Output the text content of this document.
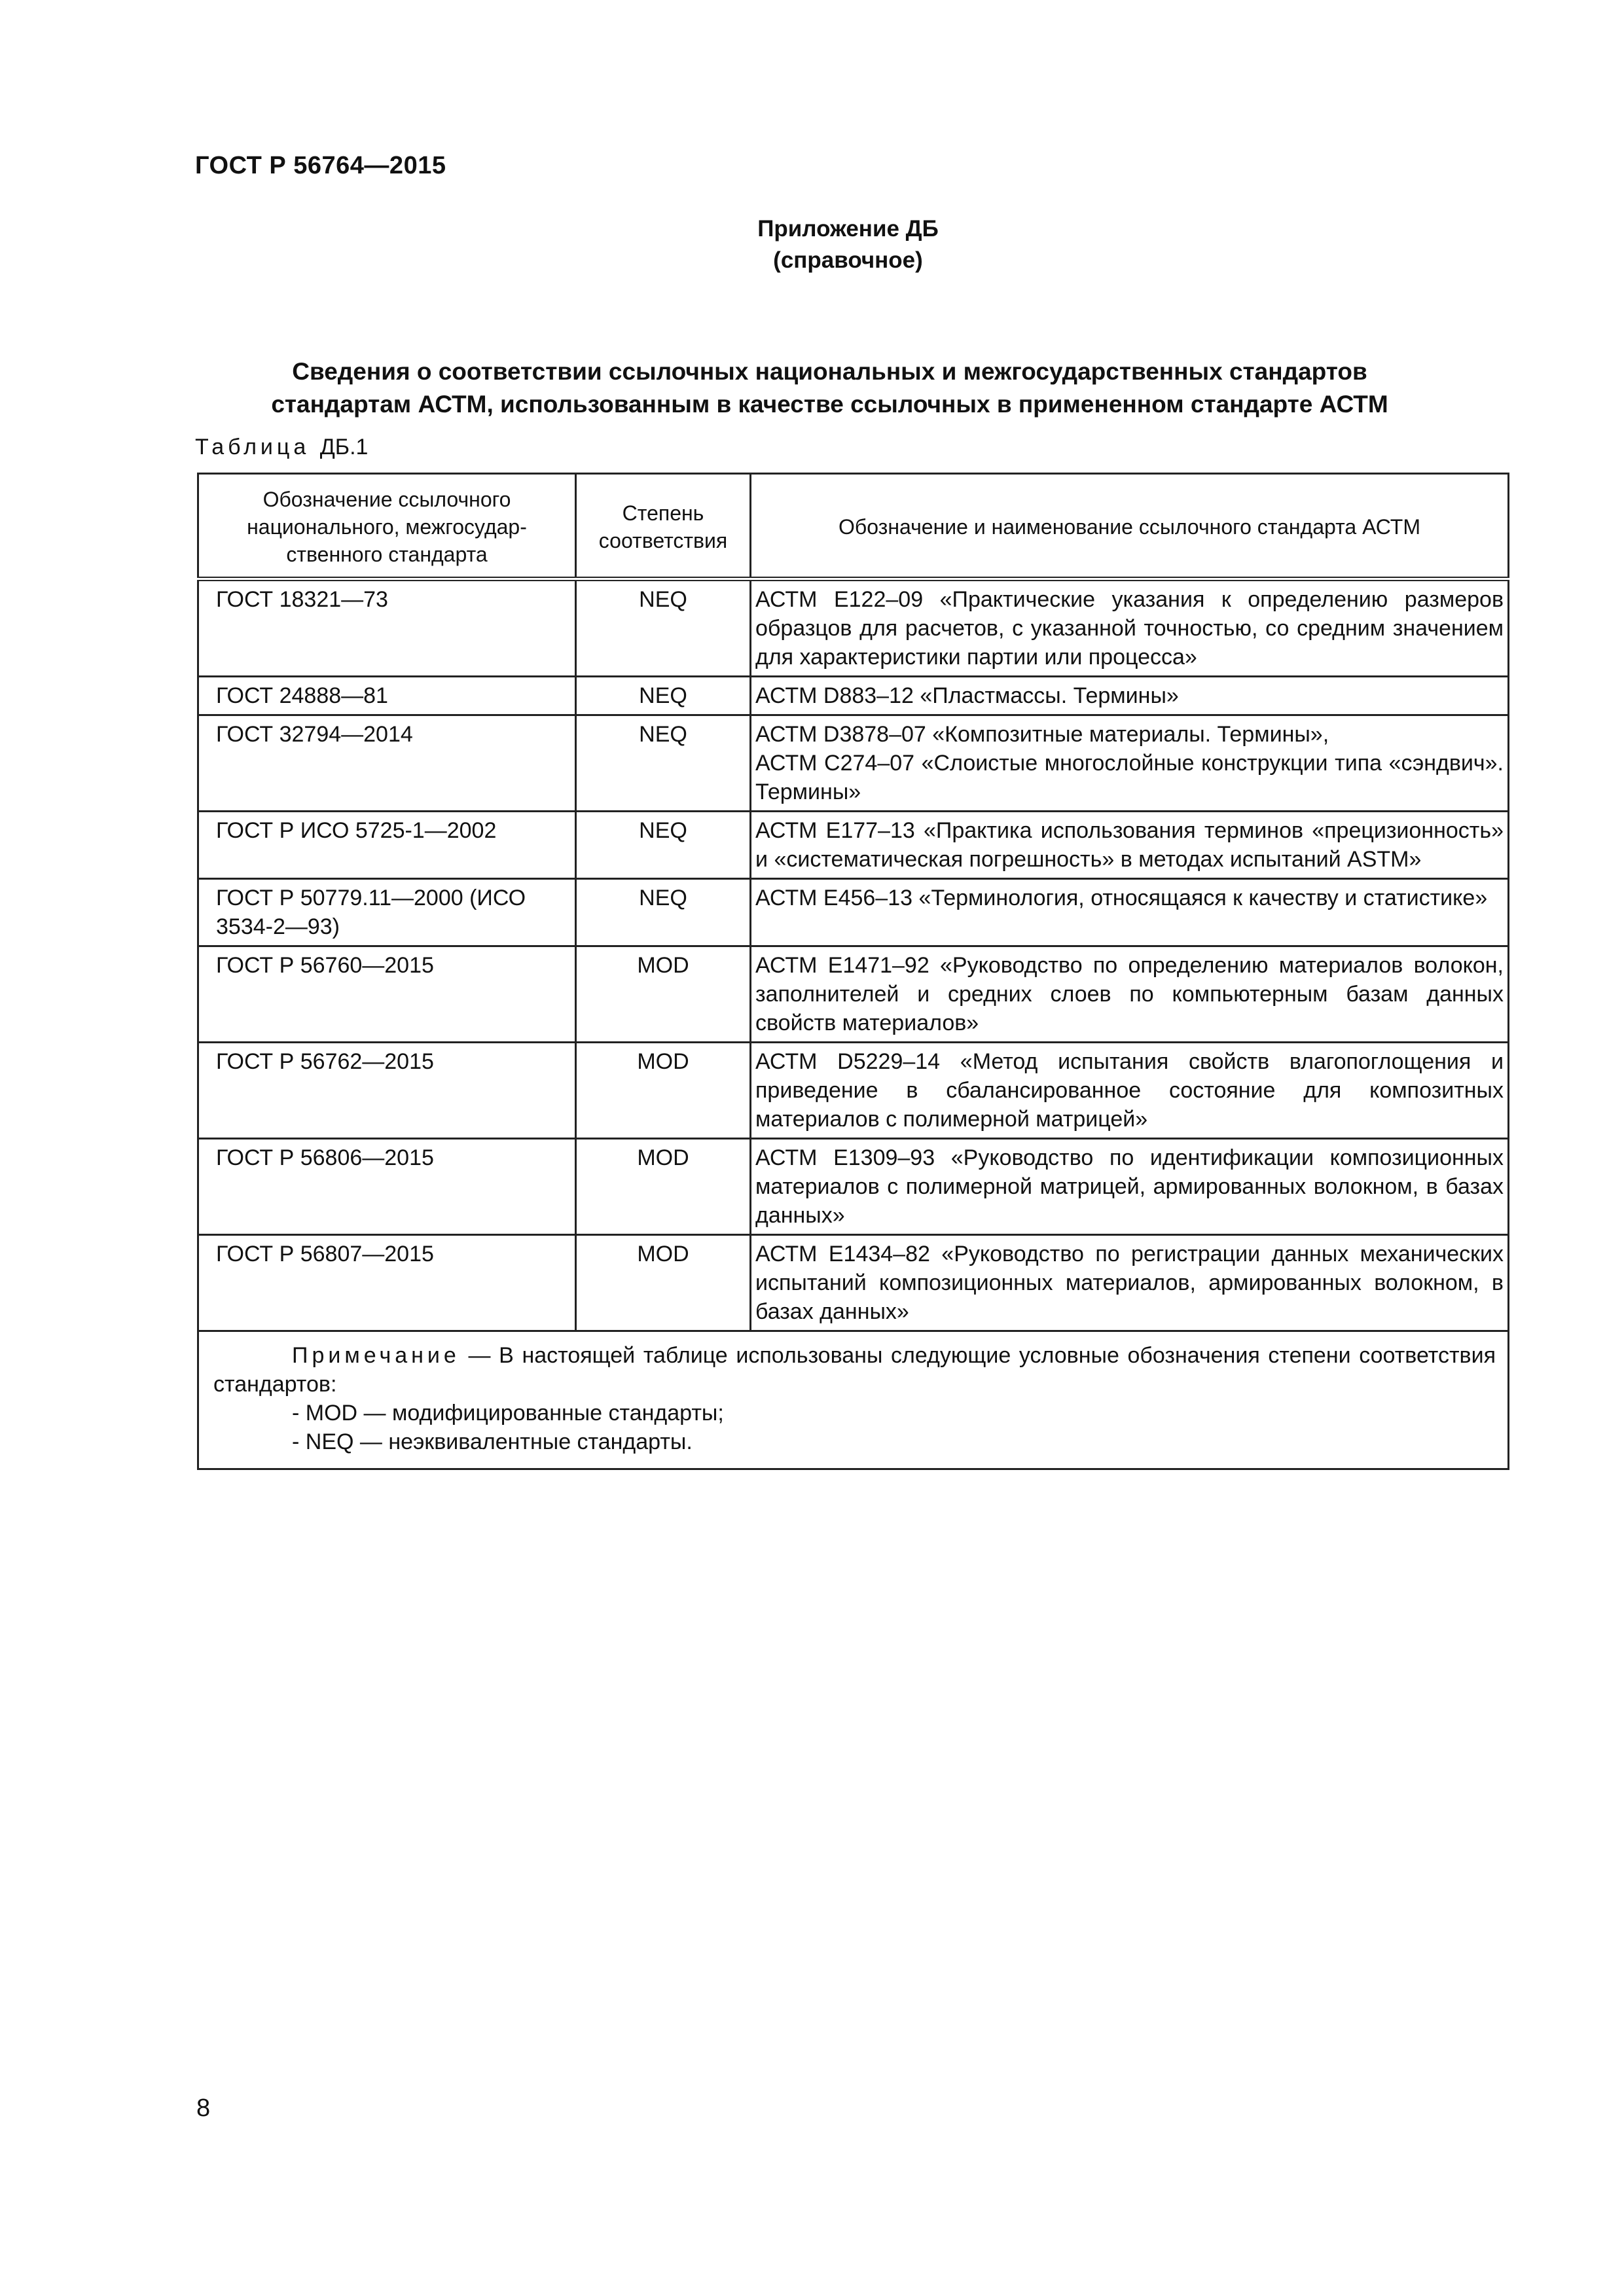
ГОСТ Р 56764—2015
Приложение ДБ
(справочное)
Сведения о соответствии ссылочных национальных и межгосударственных стандартов
стандартам АСТМ, использованным в качестве ссылочных в примененном стандарте АСТМ
Таблица ДБ.1
Обозначение ссылочного национального, межгосудар-ственного стандарта	Степень соответствия	Обозначение и наименование ссылочного стандарта АСТМ
ГОСТ 18321—73	NEQ	АСТМ Е122–09 «Практические указания к определению размеров образцов для расчетов, с указанной точностью, со средним значением для характеристики партии или процесса»
ГОСТ 24888—81	NEQ	АСТМ D883–12 «Пластмассы. Термины»
ГОСТ 32794—2014	NEQ	АСТМ D3878–07 «Композитные материалы. Термины»,
АСТМ C274–07 «Слоистые многослойные конструкции типа «сэндвич». Термины»

ГОСТ Р ИСО 5725-1—2002	NEQ	АСТМ Е177–13 «Практика использования терминов «прецизионность» и «систематическая погрешность» в методах испытаний ASTM»
ГОСТ Р 50779.11—2000 (ИСО 3534-2—93)	NEQ	АСТМ Е456–13 «Терминология, относящаяся к качеству и статистике»
ГОСТ Р 56760—2015	MOD	АСТМ Е1471–92 «Руководство по определению материалов волокон, заполнителей и средних слоев по компьютерным базам данных свойств материалов»
ГОСТ Р 56762—2015	MOD	АСТМ D5229–14 «Метод испытания свойств влагопоглощения и приведение в сбалансированное состояние для композитных материалов с полимерной матрицей»
ГОСТ Р 56806—2015	MOD	АСТМ Е1309–93 «Руководство по идентификации композиционных материалов с полимерной матрицей, армированных волокном, в базах данных»
ГОСТ Р 56807—2015	MOD	АСТМ Е1434–82 «Руководство по регистрации данных механических испытаний композиционных материалов, армированных волокном, в базах данных»

Примечание — В настоящей таблице использованы следующие условные обозначения степени соответствия стандартов:
- MOD — модифицированные стандарты;
- NEQ — неэквивалентные стандарты.		
8
